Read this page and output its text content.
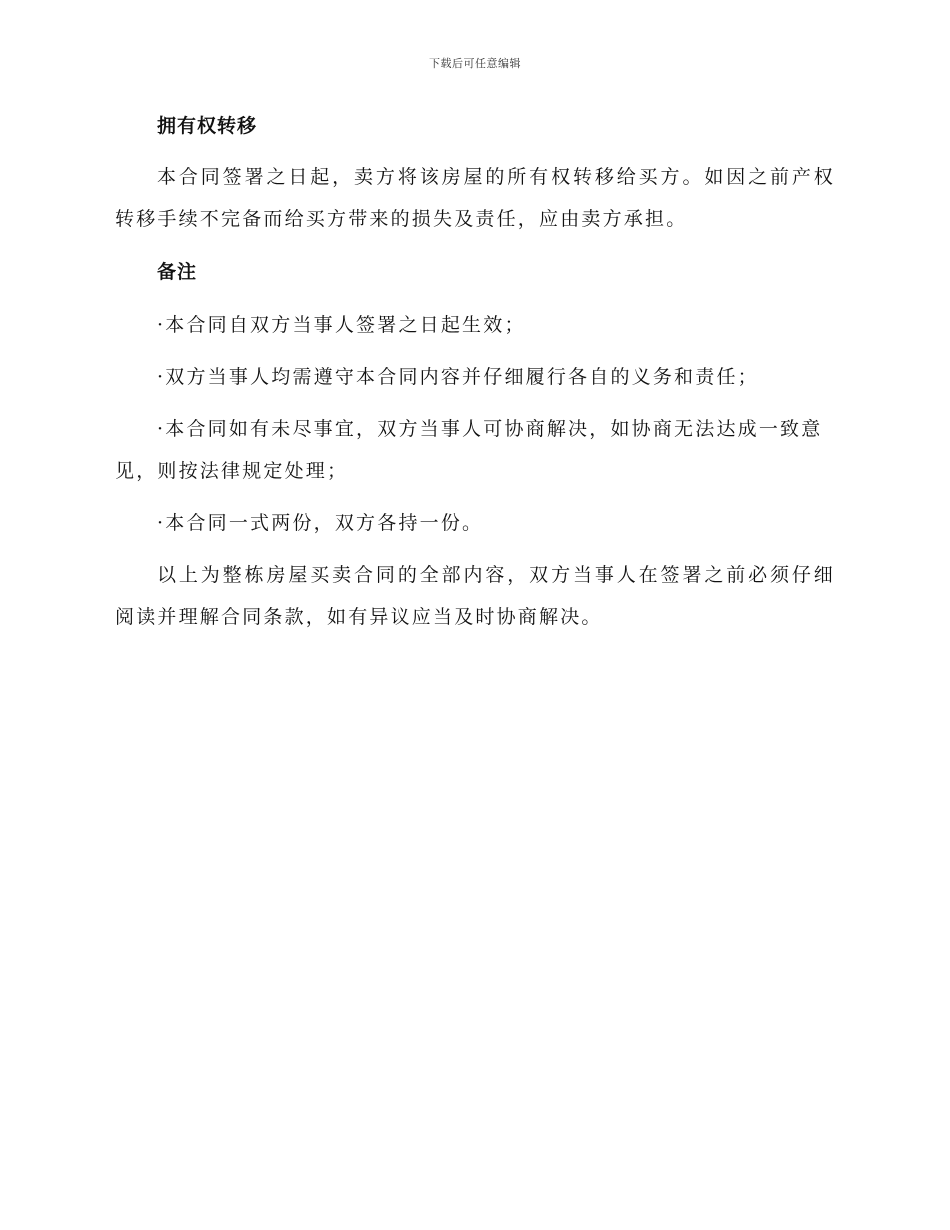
下载后可任意编辑
拥有权转移

本合同签署之日起，卖方将该房屋的所有权转移给买方。如因之前产权转移手续不完备而给买方带来的损失及责任，应由卖方承担。

备注

·本合同自双方当事人签署之日起生效；

·双方当事人均需遵守本合同内容并仔细履行各自的义务和责任；

·本合同如有未尽事宜，双方当事人可协商解决，如协商无法达成一致意见，则按法律规定处理；

·本合同一式两份，双方各持一份。

以上为整栋房屋买卖合同的全部内容，双方当事人在签署之前必须仔细阅读并理解合同条款，如有异议应当及时协商解决。
